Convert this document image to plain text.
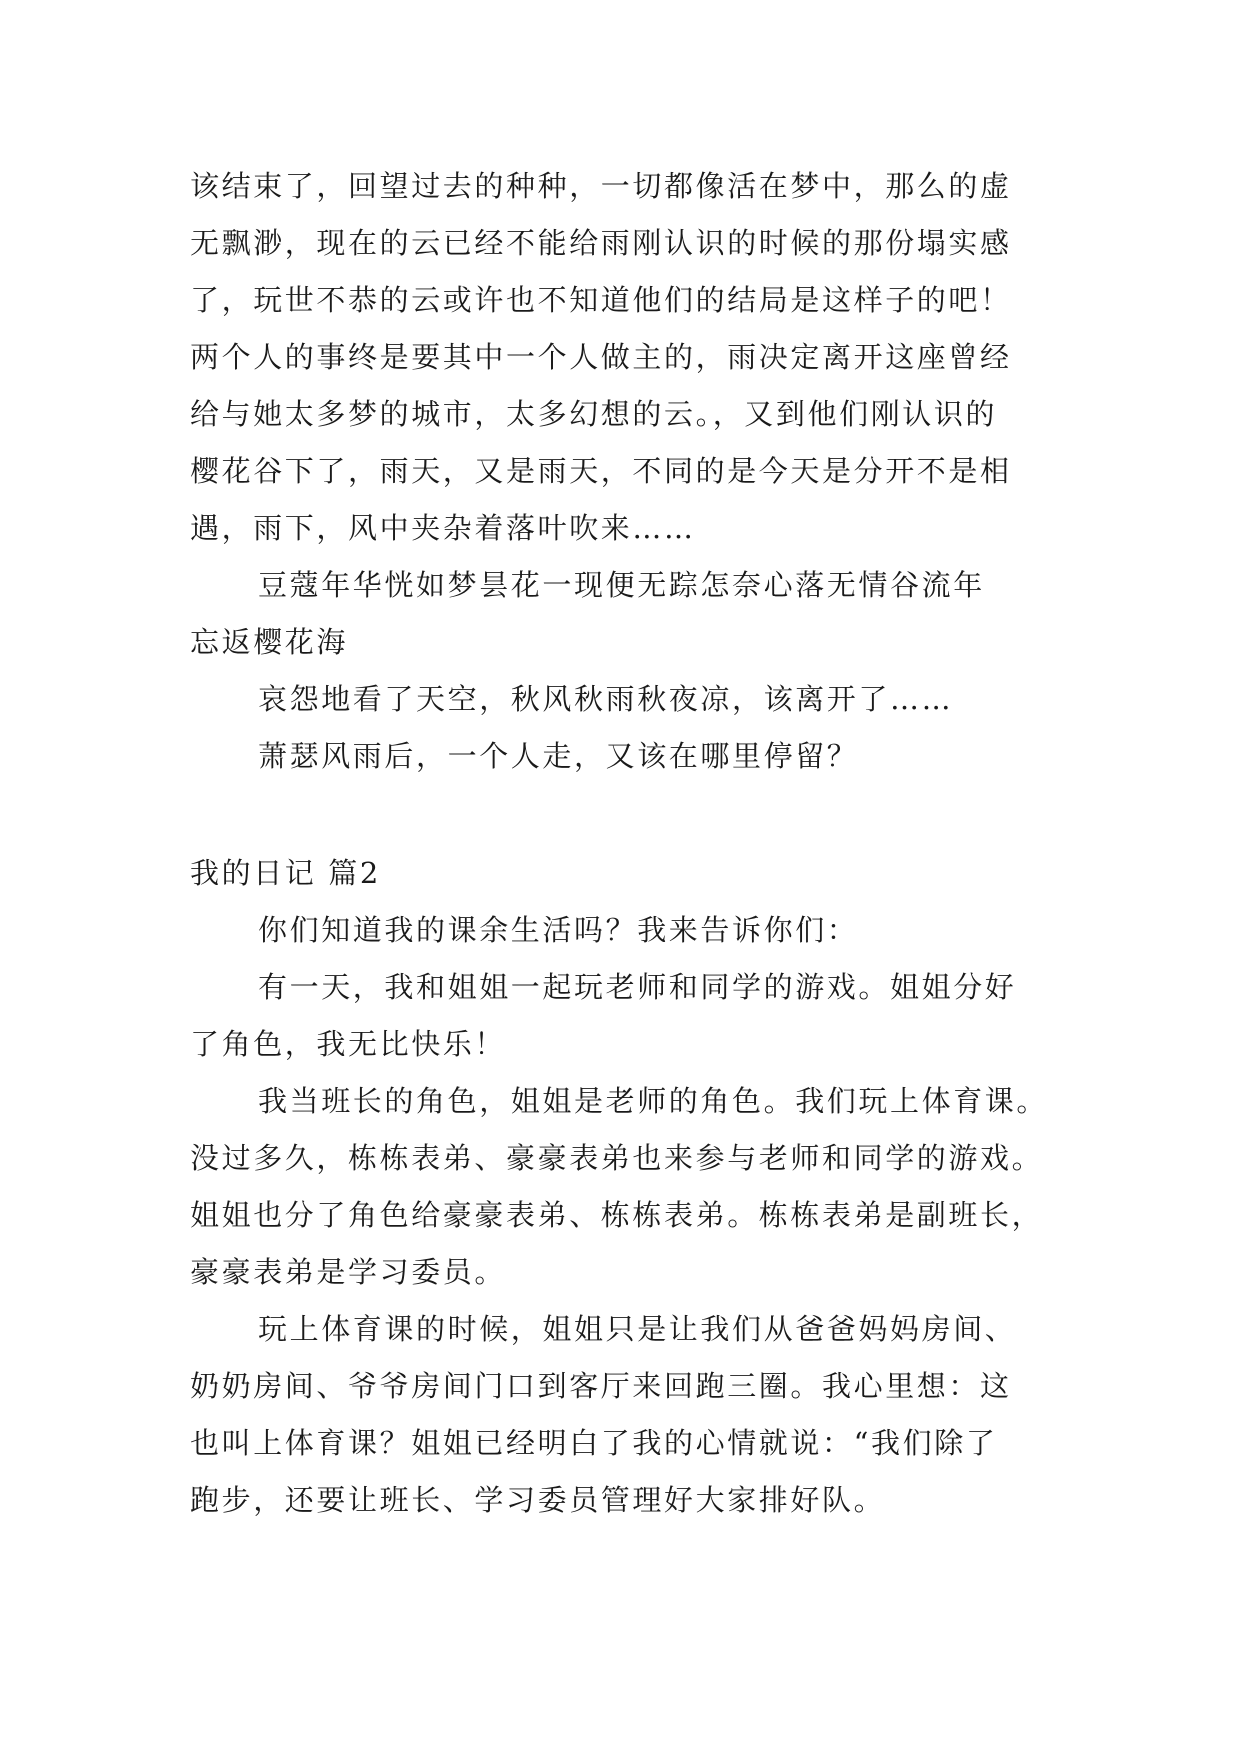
该结束了，回望过去的种种，一切都像活在梦中，那么的虚
无飘渺，现在的云已经不能给雨刚认识的时候的那份塌实感
了，玩世不恭的云或许也不知道他们的结局是这样子的吧！
两个人的事终是要其中一个人做主的，雨决定离开这座曾经
给与她太多梦的城市，太多幻想的云。，又到他们刚认识的
樱花谷下了，雨天，又是雨天，不同的是今天是分开不是相
遇，雨下，风中夹杂着落叶吹来……
豆蔻年华恍如梦昙花一现便无踪怎奈心落无情谷流年
忘返樱花海
哀怨地看了天空，秋风秋雨秋夜凉，该离开了……
萧瑟风雨后，一个人走，又该在哪里停留？
我的日记 篇2
你们知道我的课余生活吗？我来告诉你们：
有一天，我和姐姐一起玩老师和同学的游戏。姐姐分好
了角色，我无比快乐！
我当班长的角色，姐姐是老师的角色。我们玩上体育课。
没过多久，栋栋表弟、豪豪表弟也来参与老师和同学的游戏。
姐姐也分了角色给豪豪表弟、栋栋表弟。栋栋表弟是副班长，
豪豪表弟是学习委员。
玩上体育课的时候，姐姐只是让我们从爸爸妈妈房间、
奶奶房间、爷爷房间门口到客厅来回跑三圈。我心里想：这
也叫上体育课？姐姐已经明白了我的心情就说：“我们除了
跑步，还要让班长、学习委员管理好大家排好队。
